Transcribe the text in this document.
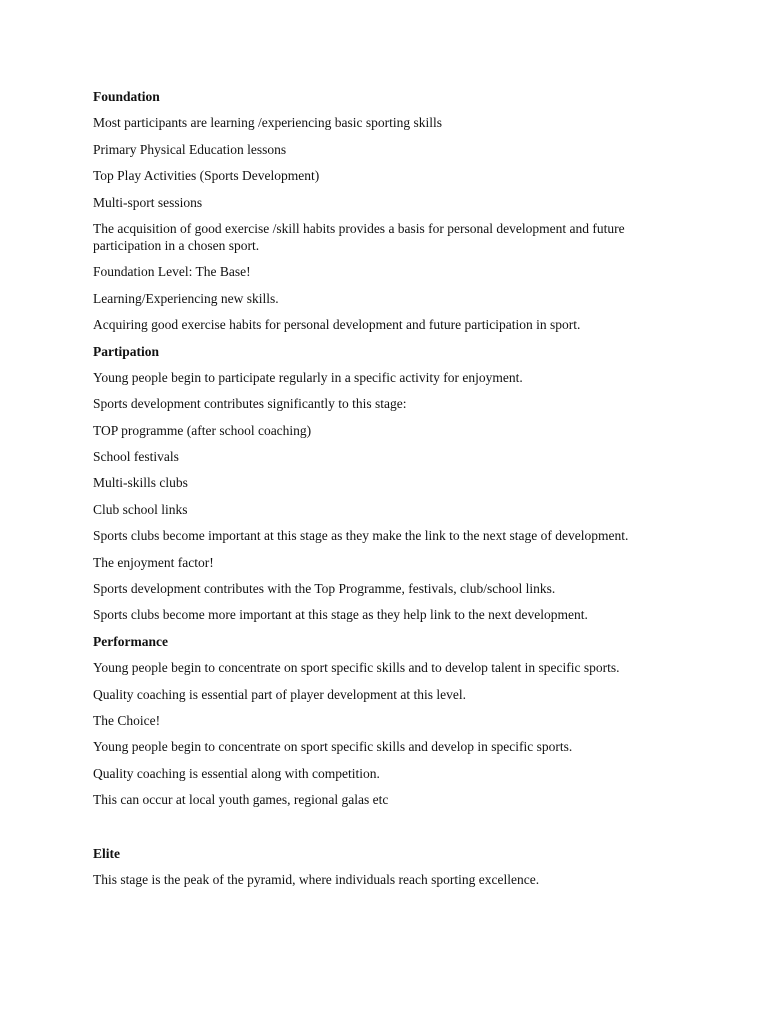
Foundation
Most participants are learning /experiencing basic sporting skills
Primary Physical Education lessons
Top Play Activities (Sports Development)
Multi-sport sessions
The acquisition of good exercise /skill habits provides a basis for personal development and future participation in a chosen sport.
Foundation Level: The Base!
Learning/Experiencing new skills.
Acquiring good exercise habits for personal development and future participation in sport.
Partipation
Young people begin to participate regularly in a specific activity for enjoyment.
Sports development contributes significantly to this stage:
TOP programme (after school coaching)
School festivals
Multi-skills clubs
Club school links
Sports clubs become important at this stage as they make the link to the next stage of development.
The enjoyment factor!
Sports development contributes with the Top Programme, festivals, club/school links.
Sports clubs become more important at this stage as they help link to the next development.
Performance
Young people begin to concentrate on sport specific skills and to develop talent in specific sports.
Quality coaching is essential part of player development at this level.
The Choice!
Young people begin to concentrate on sport specific skills and develop in specific sports.
Quality coaching is essential along with competition.
This can occur at local youth games, regional galas etc
Elite
This stage is the peak of the pyramid, where individuals reach sporting excellence.
